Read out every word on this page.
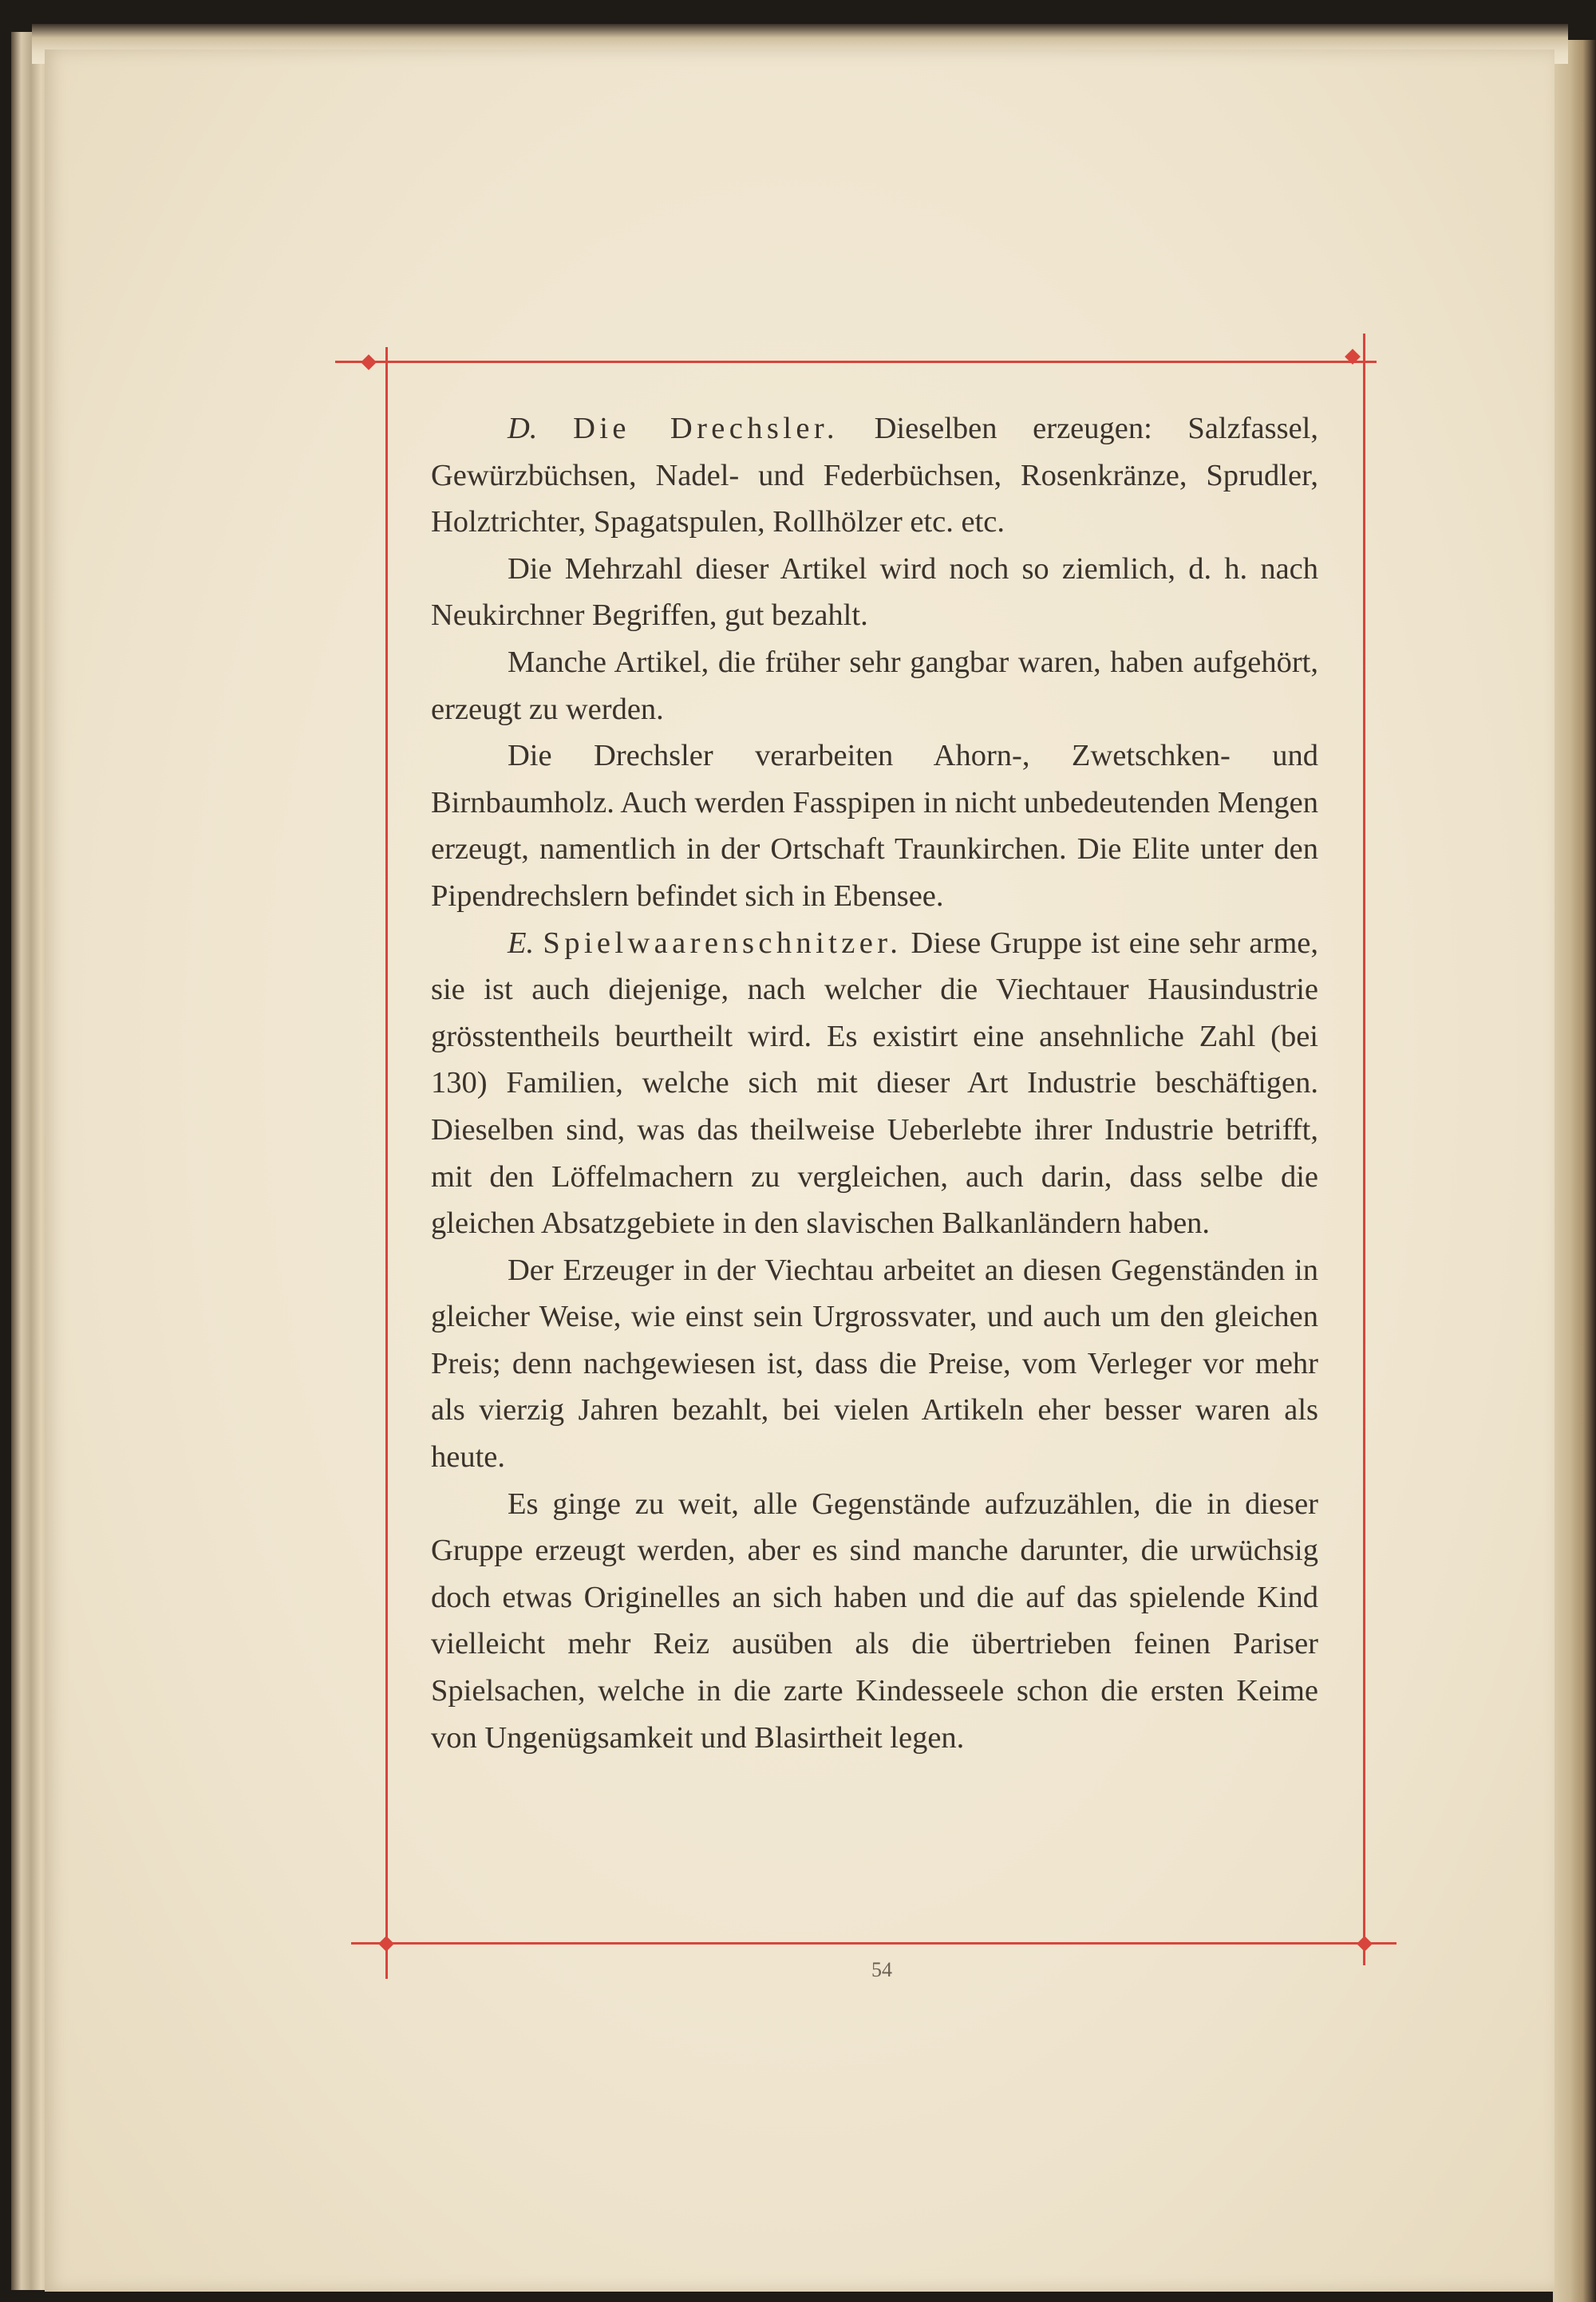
D. Die Drechsler. Dieselben erzeugen: Salzfassel, Gewürzbüchsen, Nadel- und Federbüchsen, Rosenkränze, Sprudler, Holztrichter, Spagatspulen, Rollhölzer etc. etc.

Die Mehrzahl dieser Artikel wird noch so ziemlich, d. h. nach Neukirchner Begriffen, gut bezahlt.

Manche Artikel, die früher sehr gangbar waren, haben aufgehört, erzeugt zu werden.

Die Drechsler verarbeiten Ahorn-, Zwetschken- und Birnbaumholz. Auch werden Fasspipen in nicht unbedeutenden Mengen erzeugt, namentlich in der Ortschaft Traunkirchen. Die Elite unter den Pipendrechslern befindet sich in Ebensee.

E. Spielwaarenschnitzer. Diese Gruppe ist eine sehr arme, sie ist auch diejenige, nach welcher die Viechtauer Hausindustrie grösstentheils beurtheilt wird. Es existirt eine ansehnliche Zahl (bei 130) Familien, welche sich mit dieser Art Industrie beschäftigen. Dieselben sind, was das theilweise Ueberlebte ihrer Industrie betrifft, mit den Löffelmachern zu vergleichen, auch darin, dass selbe die gleichen Absatzgebiete in den slavischen Balkanländern haben.

Der Erzeuger in der Viechtau arbeitet an diesen Gegenständen in gleicher Weise, wie einst sein Urgrossvater, und auch um den gleichen Preis; denn nachgewiesen ist, dass die Preise, vom Verleger vor mehr als vierzig Jahren bezahlt, bei vielen Artikeln eher besser waren als heute.

Es ginge zu weit, alle Gegenstände aufzuzählen, die in dieser Gruppe erzeugt werden, aber es sind manche darunter, die urwüchsig doch etwas Originelles an sich haben und die auf das spielende Kind vielleicht mehr Reiz ausüben als die übertrieben feinen Pariser Spielsachen, welche in die zarte Kindesseele schon die ersten Keime von Ungenügsamkeit und Blasirtheit legen.

54
